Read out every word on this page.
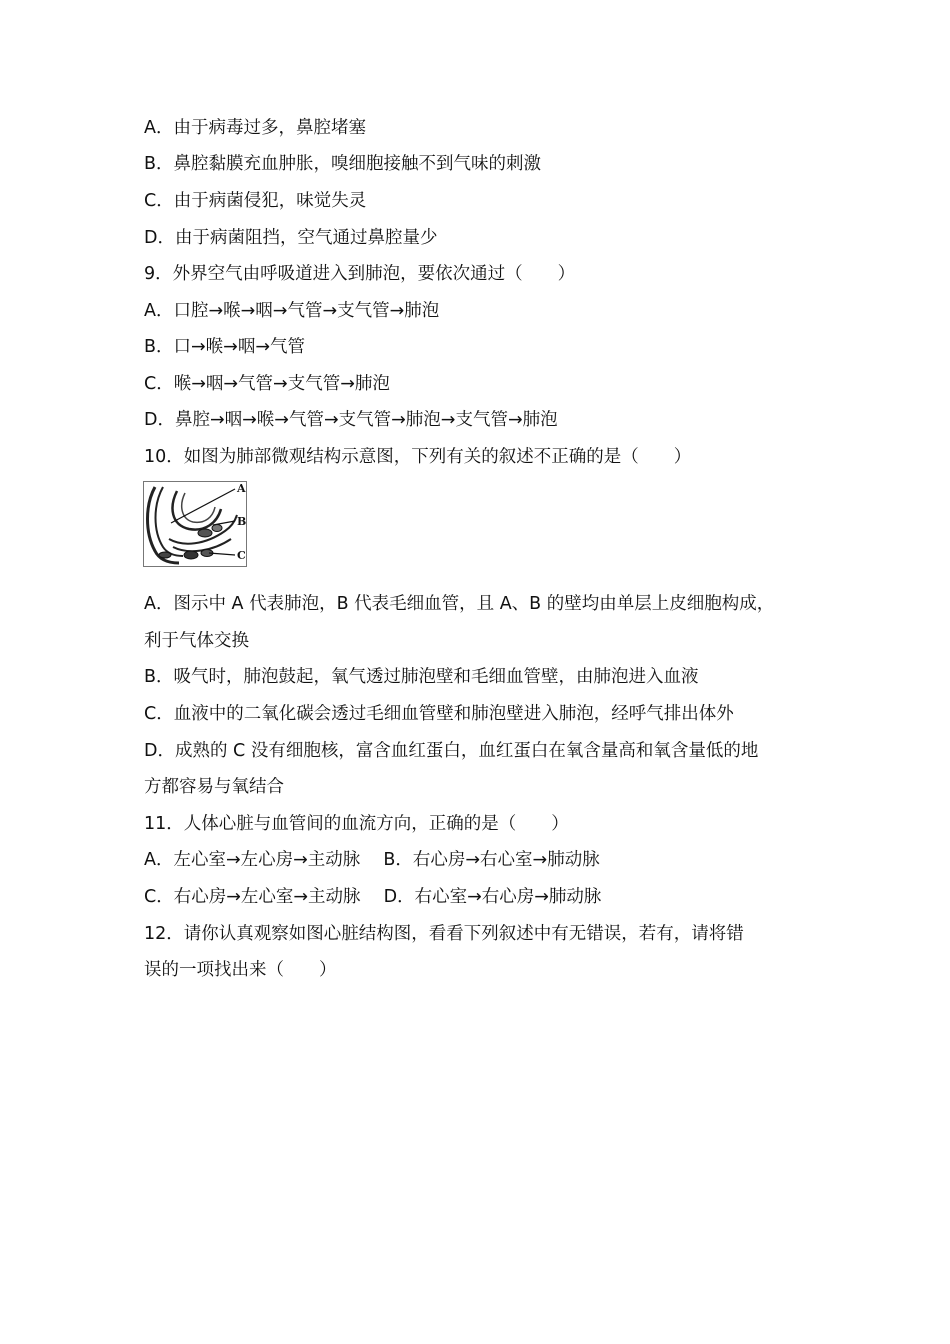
A．由于病毒过多，鼻腔堵塞
B．鼻腔黏膜充血肿胀，嗅细胞接触不到气味的刺激
C．由于病菌侵犯，味觉失灵
D．由于病菌阻挡，空气通过鼻腔量少
9．外界空气由呼吸道进入到肺泡，要依次通过（　　）
A．口腔→喉→咽→气管→支气管→肺泡
B．口→喉→咽→气管
C．喉→咽→气管→支气管→肺泡
D．鼻腔→咽→喉→气管→支气管→肺泡→支气管→肺泡
10．如图为肺部微观结构示意图，下列有关的叙述不正确的是（　　）
A
B
C
A．图示中 A 代表肺泡，B 代表毛细血管，且 A、B 的壁均由单层上皮细胞构成，
利于气体交换
B．吸气时，肺泡鼓起，氧气透过肺泡壁和毛细血管壁，由肺泡进入血液
C．血液中的二氧化碳会透过毛细血管壁和肺泡壁进入肺泡，经呼气排出体外
D．成熟的 C 没有细胞核，富含血红蛋白，血红蛋白在氧含量高和氧含量低的地
方都容易与氧结合
11．人体心脏与血管间的血流方向，正确的是（　　）
A．左心室→左心房→主动脉　 B．右心房→右心室→肺动脉
C．右心房→左心室→主动脉　 D．右心室→右心房→肺动脉
12．请你认真观察如图心脏结构图，看看下列叙述中有无错误，若有，请将错
误的一项找出来（　　）
